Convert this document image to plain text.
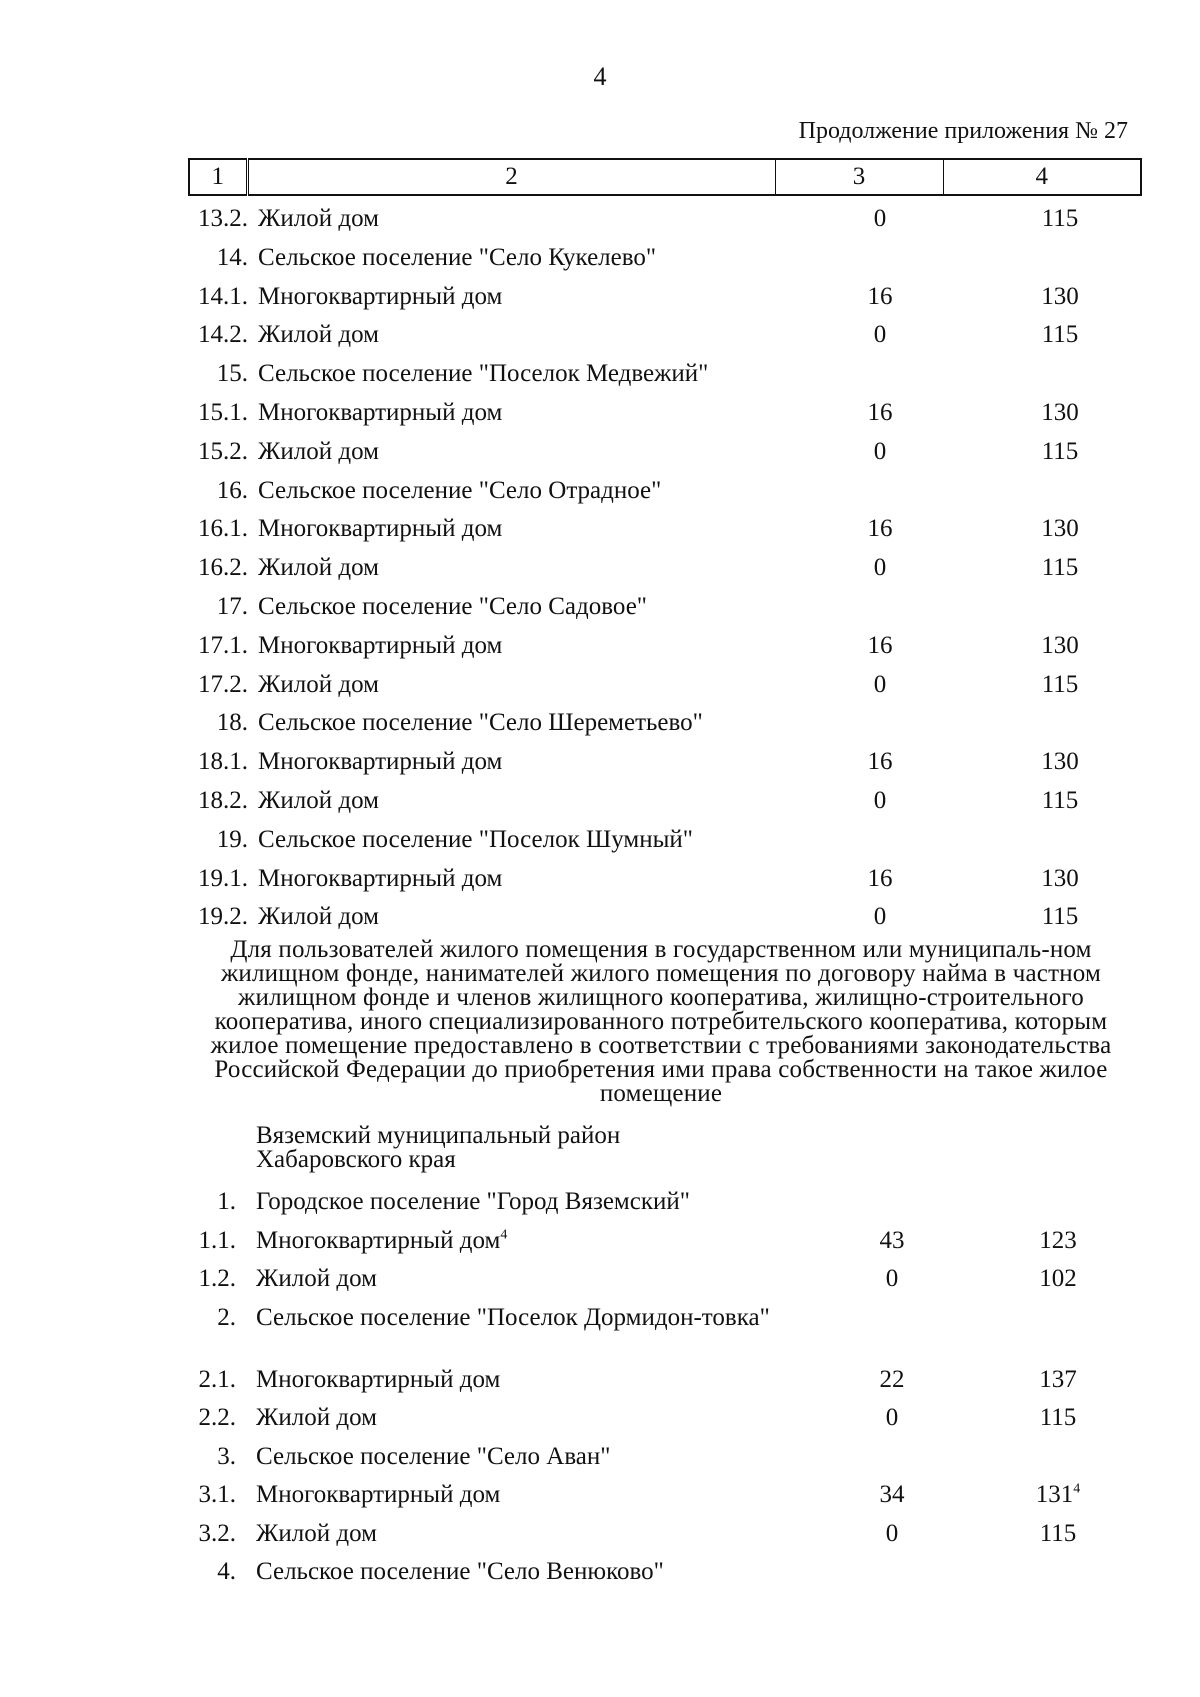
4
Продолжение приложения № 27
1	2	3	4
13.2. Жилой дом	0	115
14. Сельское поселение "Село Кукелево"
14.1. Многоквартирный дом	16	130
14.2. Жилой дом	0	115
15. Сельское поселение "Поселок Медвежий"
15.1. Многоквартирный дом	16	130
15.2. Жилой дом	0	115
16. Сельское поселение "Село Отрадное"
16.1. Многоквартирный дом	16	130
16.2. Жилой дом	0	115
17. Сельское поселение "Село Садовое"
17.1. Многоквартирный дом	16	130
17.2. Жилой дом	0	115
18. Сельское поселение "Село Шереметьево"
18.1. Многоквартирный дом	16	130
18.2. Жилой дом	0	115
19. Сельское поселение "Поселок Шумный"
19.1. Многоквартирный дом	16	130
19.2. Жилой дом	0	115
Для пользователей жилого помещения в государственном или муниципаль-ном жилищном фонде, нанимателей жилого помещения по договору найма в частном жилищном фонде и членов жилищного кооператива, жилищно-строительного кооператива, иного специализированного потребительского кооператива, которым жилое помещение предоставлено в соответствии с требованиями законодательства Российской Федерации до приобретения ими права собственности на такое жилое помещение
Вяземский муниципальный район
Хабаровского края
1. Городское поселение "Город Вяземский"
1.1. Многоквартирный дом$^4$	43	123
1.2. Жилой дом	0	102
2. Сельское поселение "Поселок Дормидон-товка"
2.1. Многоквартирный дом	22	137
2.2. Жилой дом	0	115
3. Сельское поселение "Село Аван"
3.1. Многоквартирный дом	34	$131^4$
3.2. Жилой дом	0	115
4. Сельское поселение "Село Венюково"
